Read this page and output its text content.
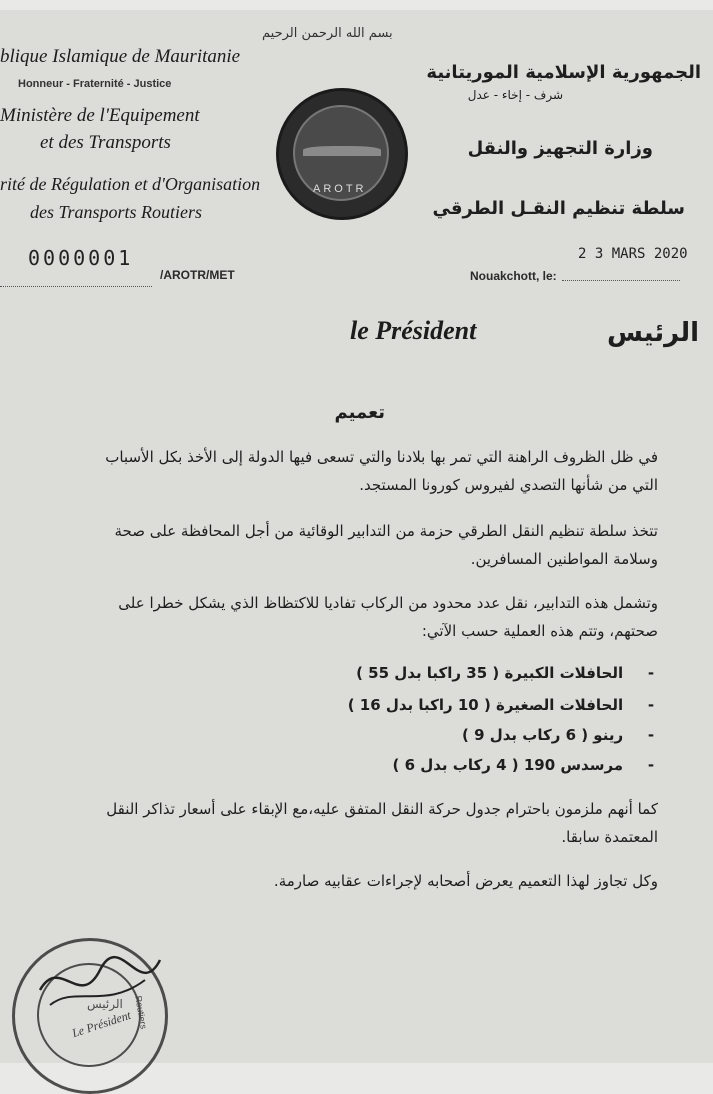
بسم الله الرحمن الرحيم
blique Islamique de Mauritanie
Honneur - Fraternité - Justice
Ministère de l'Equipement
et des Transports
rité de Régulation et d'Organisation
des Transports Routiers
AROTR
الجمهورية الإسلامية الموريتانية
شرف - إخاء - عدل
وزارة التجهيز والنقل
سلطة تنظيم النقـل الطرقي
0000001
/AROTR/MET	Nouakchott, le:
2 3 MARS 2020
le Président	الرئيس
تعميم
في ظل الظروف الراهنة التي تمر بها بلادنا والتي تسعى فيها الدولة إلى الأخذ بكل الأسباب
التي من شأنها التصدي لفيروس كورونا المستجد.
تتخذ سلطة تنظيم النقل الطرقي حزمة من التدابير الوقائية من أجل المحافظة على صحة
وسلامة المواطنين المسافرين.
وتشمل هذه التدابير، نقل عدد محدود من الركاب تفاديا للاكتظاظ الذي يشكل خطرا على
صحتهم، وتتم هذه العملية حسب الآتي:
-    الحافلات الكبيرة ( 35 راكبا بدل 55 )
-    الحافلات الصغيرة ( 10 راكبا بدل 16 )
-    رينو ( 6 ركاب بدل 9 )
-    مرسدس 190 ( 4 ركاب بدل 6 )
كما أنهم ملزمون باحترام جدول حركة النقل المتفق عليه،مع الإبقاء على أسعار تذاكر النقل
المعتمدة سابقا.
وكل تجاوز لهذا التعميم يعرض أصحابه لإجراءات عقابيه صارمة.
الرئيس
Le Président Routiers
